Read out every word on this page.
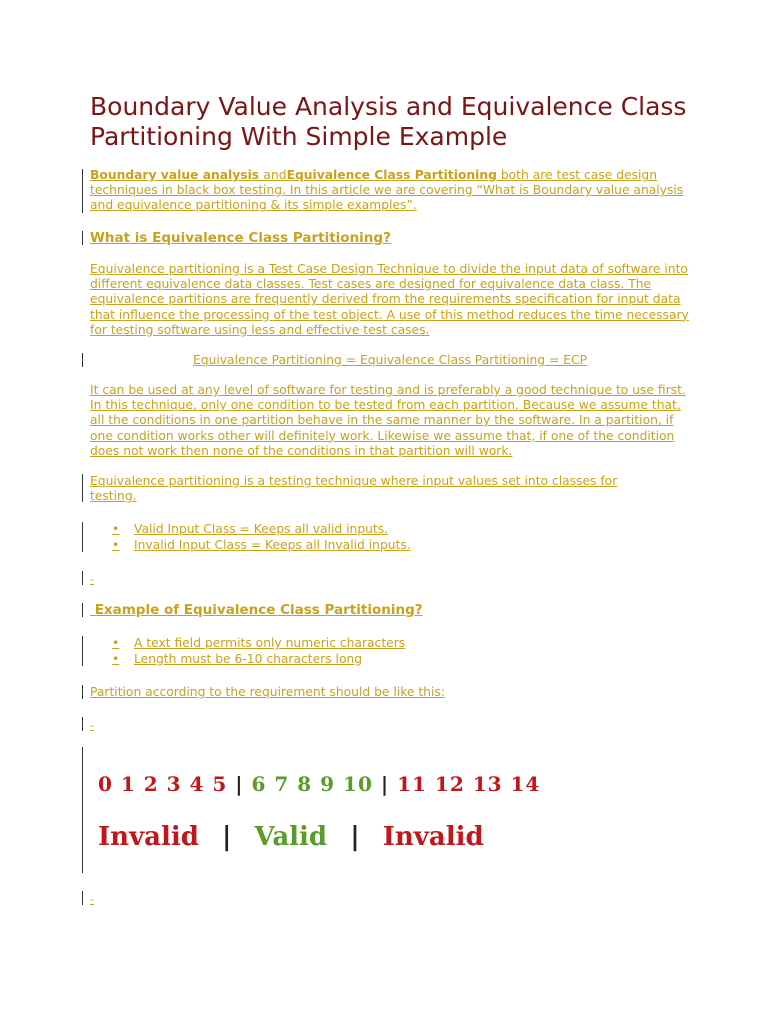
Boundary Value Analysis and Equivalence Class Partitioning With Simple Example
Boundary value analysis andEquivalence Class Partitioning both are test case design techniques in black box testing. In this article we are covering “What is Boundary value analysis and equivalence partitioning & its simple examples”.
What is Equivalence Class Partitioning?
Equivalence partitioning is a Test Case Design Technique to divide the input data of software into different equivalence data classes. Test cases are designed for equivalence data class. The equivalence partitions are frequently derived from the requirements specification for input data that influence the processing of the test object. A use of this method reduces the time necessary for testing software using less and effective test cases.
Equivalence Partitioning = Equivalence Class Partitioning = ECP
It can be used at any level of software for testing and is preferably a good technique to use first. In this technique, only one condition to be tested from each partition. Because we assume that, all the conditions in one partition behave in the same manner by the software. In a partition, if one condition works other will definitely work. Likewise we assume that, if one of the condition does not work then none of the conditions in that partition will work.
Equivalence partitioning is a testing technique where input values set into classes for testing.
• Valid Input Class = Keeps all valid inputs.
• Invalid Input Class = Keeps all Invalid inputs.
-
Example of Equivalence Class Partitioning?
• A text field permits only numeric characters
• Length must be 6-10 characters long
Partition according to the requirement should be like this:
-
0 1 2 3 4 5 | 6 7 8 9 10 | 11 12 13 14
Invalid | Valid | Invalid
-
